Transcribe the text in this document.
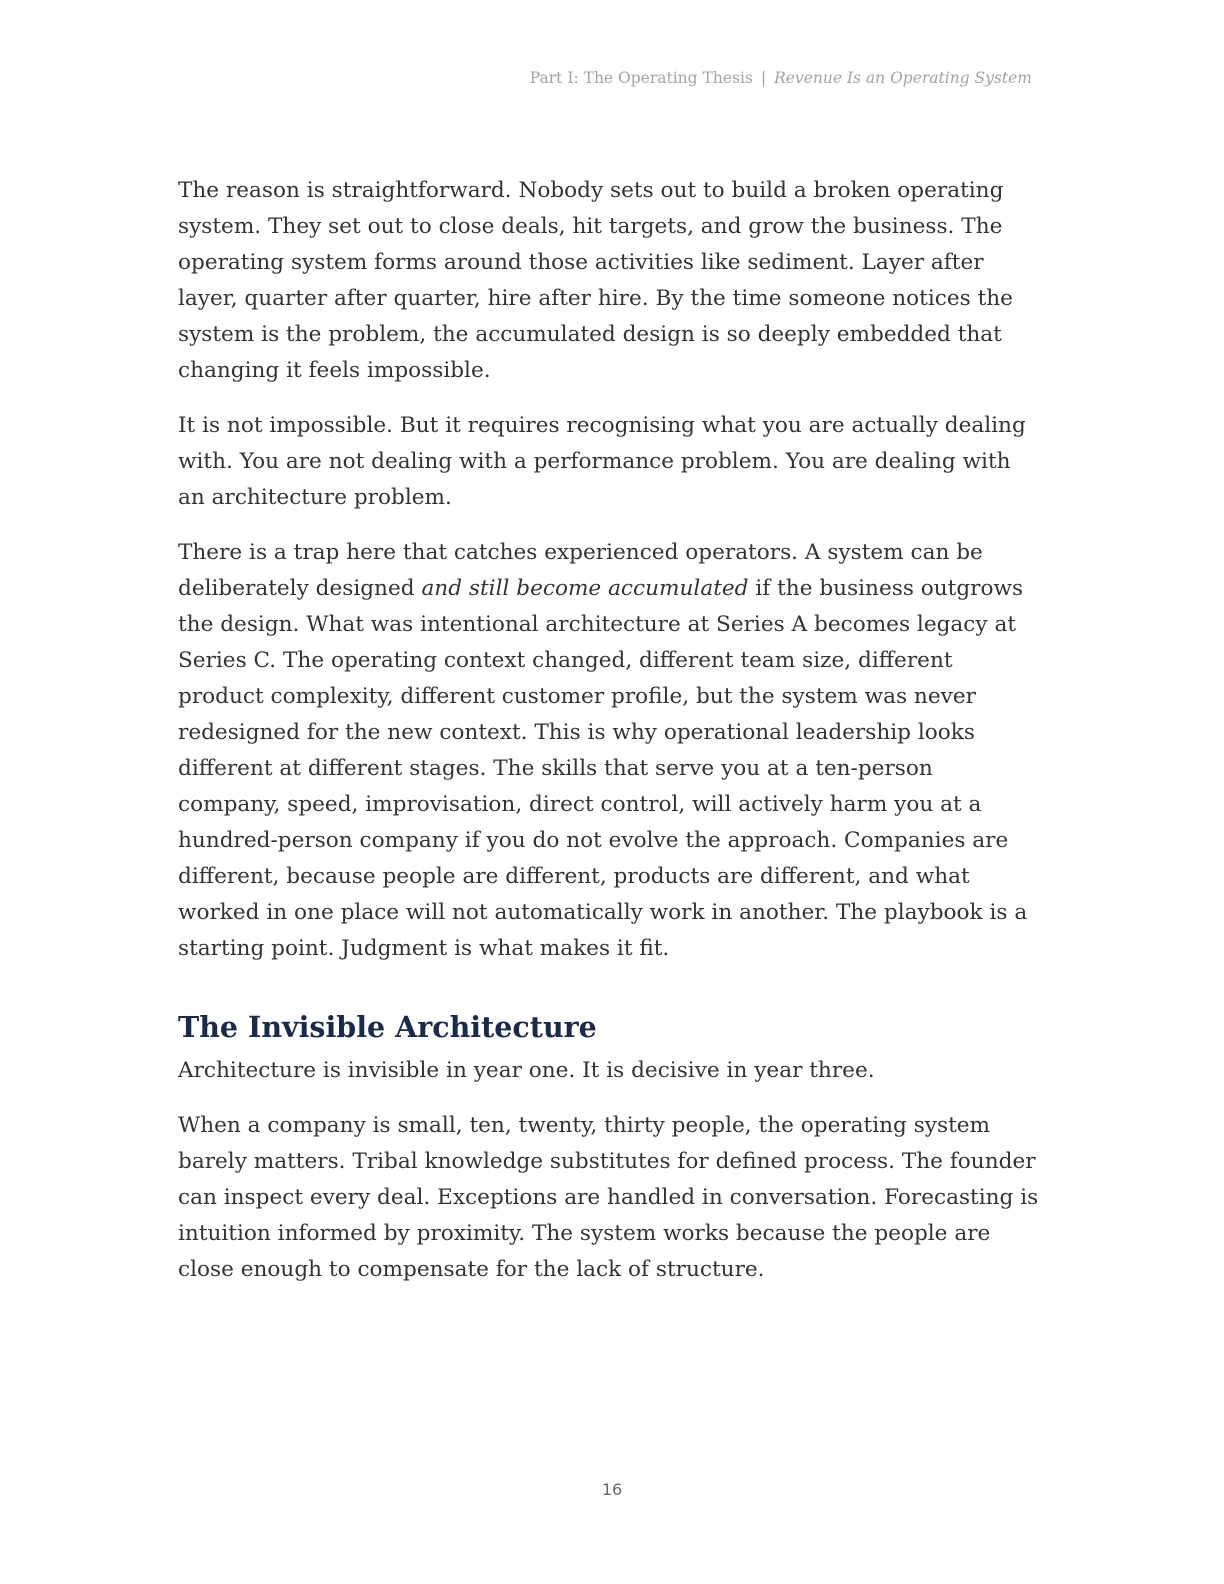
Part I: The Operating Thesis | Revenue Is an Operating System

The reason is straightforward. Nobody sets out to build a broken operating system. They set out to close deals, hit targets, and grow the business. The operating system forms around those activities like sediment. Layer after layer, quarter after quarter, hire after hire. By the time someone notices the system is the problem, the accumulated design is so deeply embedded that changing it feels impossible.

It is not impossible. But it requires recognising what you are actually dealing with. You are not dealing with a performance problem. You are dealing with an architecture problem.

There is a trap here that catches experienced operators. A system can be deliberately designed and still become accumulated if the business outgrows the design. What was intentional architecture at Series A becomes legacy at Series C. The operating context changed, different team size, different product complexity, different customer profile, but the system was never redesigned for the new context. This is why operational leadership looks different at different stages. The skills that serve you at a ten-person company, speed, improvisation, direct control, will actively harm you at a hundred-person company if you do not evolve the approach. Companies are different, because people are different, products are different, and what worked in one place will not automatically work in another. The playbook is a starting point. Judgment is what makes it fit.

The Invisible Architecture

Architecture is invisible in year one. It is decisive in year three.

When a company is small, ten, twenty, thirty people, the operating system barely matters. Tribal knowledge substitutes for defined process. The founder can inspect every deal. Exceptions are handled in conversation. Forecasting is intuition informed by proximity. The system works because the people are close enough to compensate for the lack of structure.

16
